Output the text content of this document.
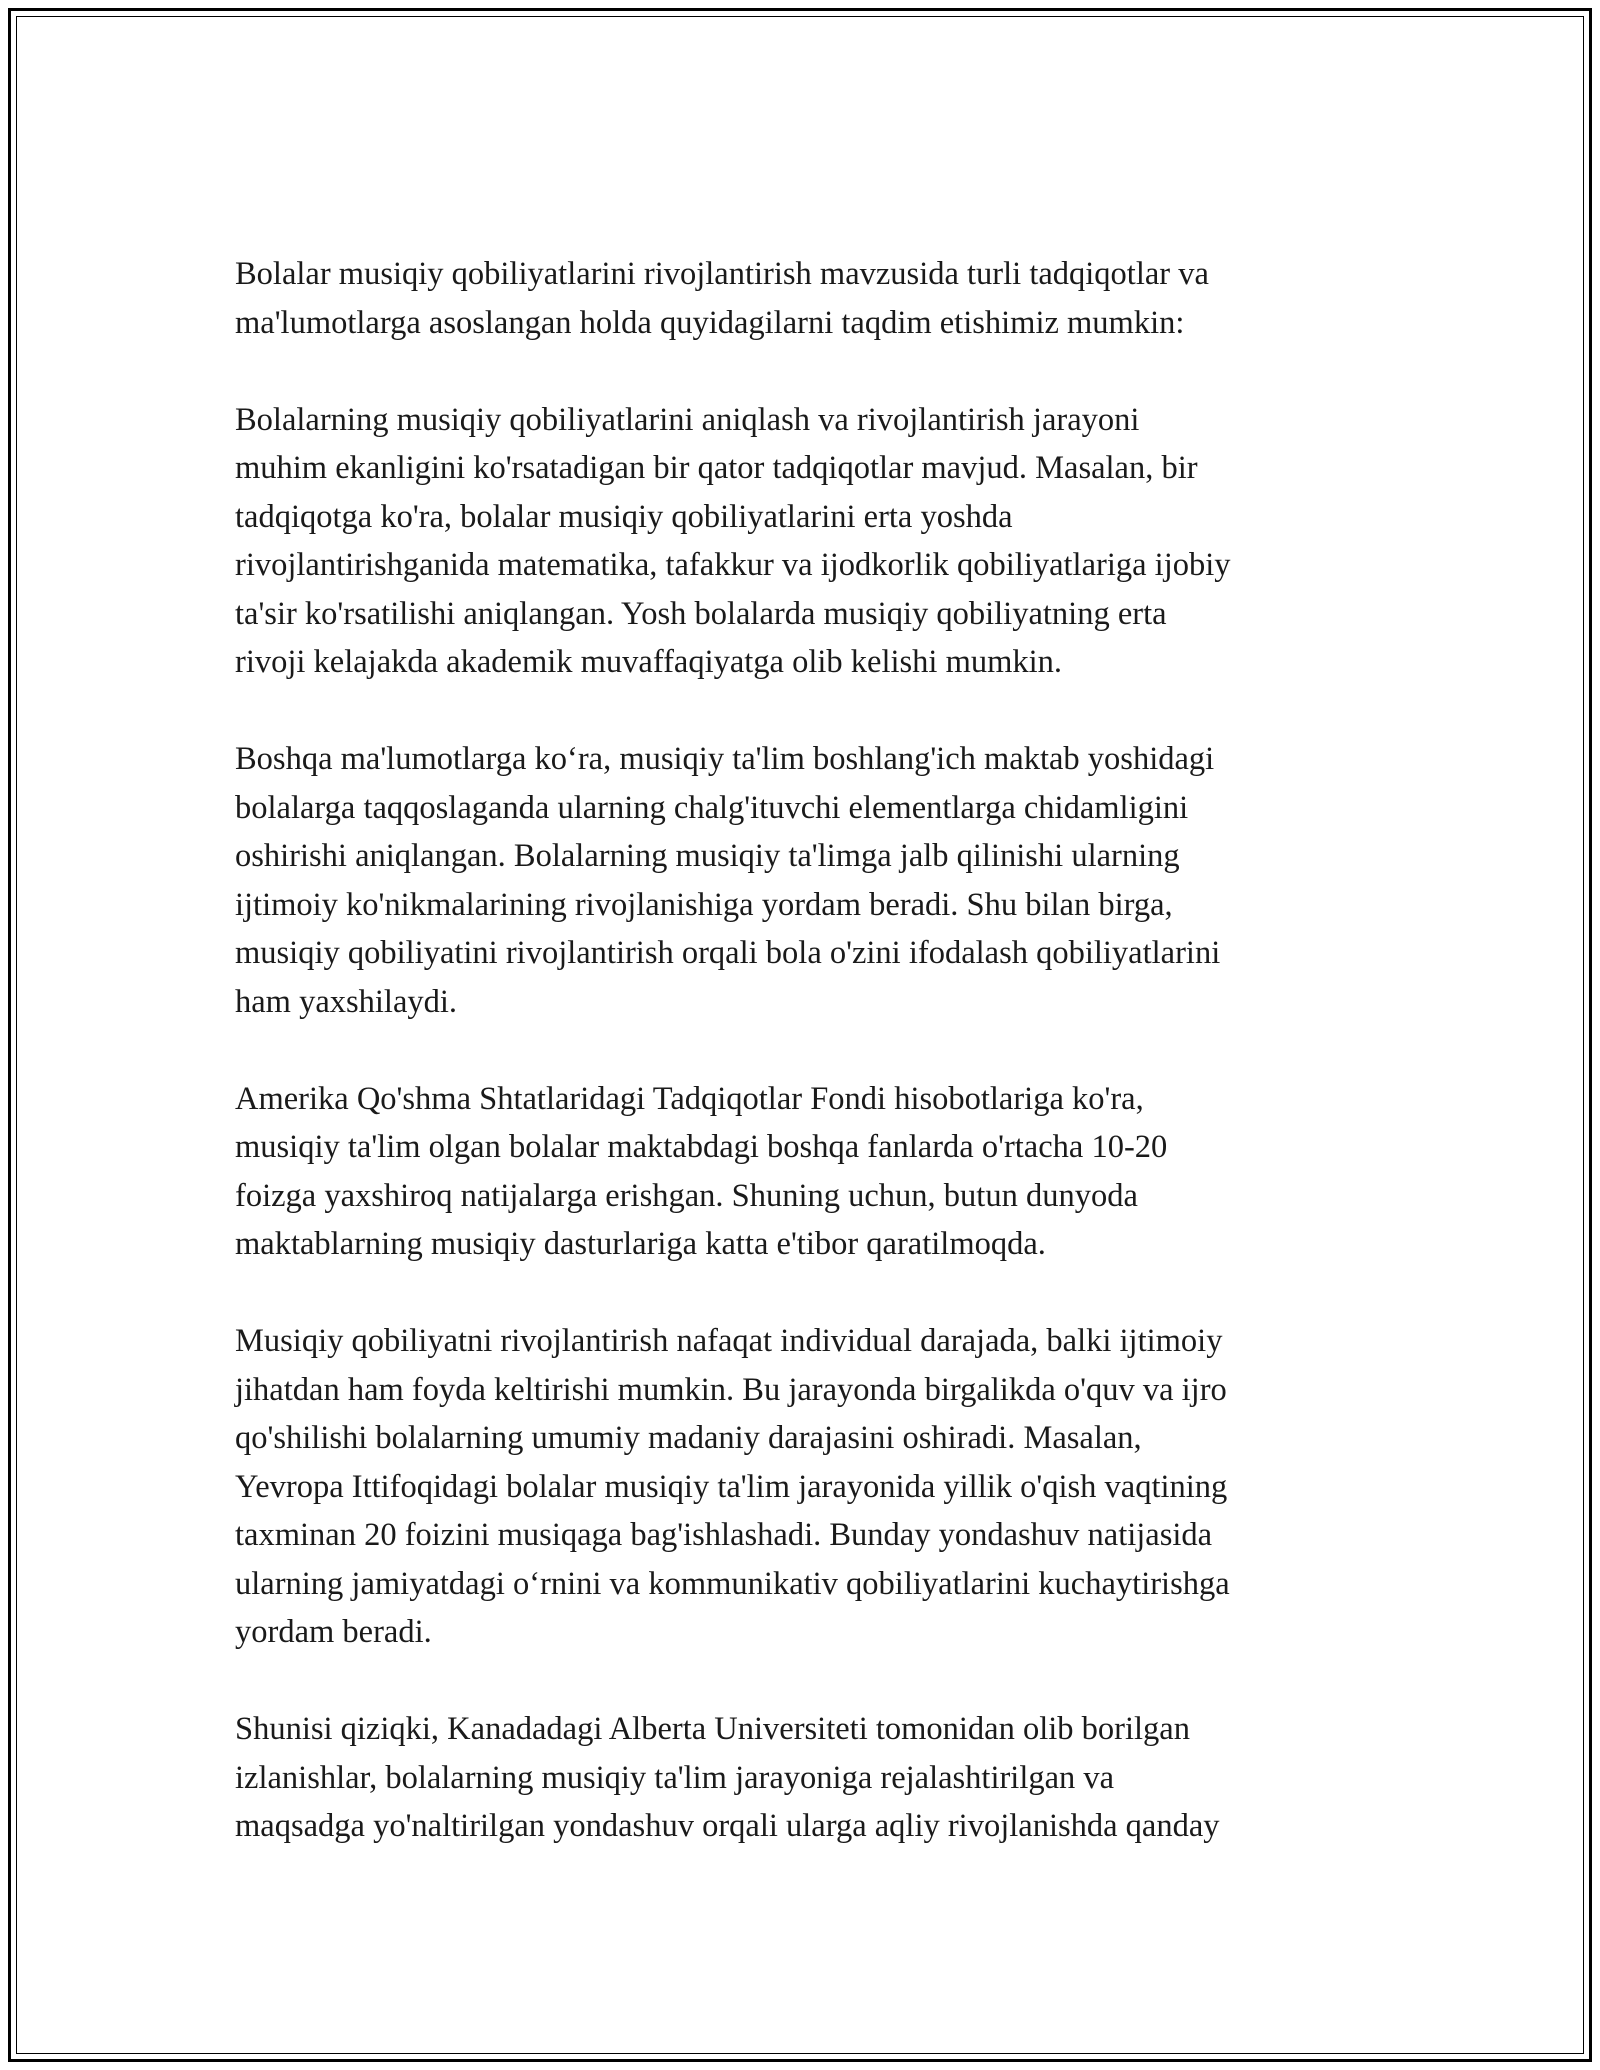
Bolalar musiqiy qobiliyatlarini rivojlantirish mavzusida turli tadqiqotlar va
ma'lumotlarga asoslangan holda quyidagilarni taqdim etishimiz mumkin:

Bolalarning musiqiy qobiliyatlarini aniqlash va rivojlantirish jarayoni
muhim ekanligini ko'rsatadigan bir qator tadqiqotlar mavjud. Masalan, bir
tadqiqotga ko'ra, bolalar musiqiy qobiliyatlarini erta yoshda
rivojlantirishganida matematika, tafakkur va ijodkorlik qobiliyatlariga ijobiy
ta'sir ko'rsatilishi aniqlangan. Yosh bolalarda musiqiy qobiliyatning erta
rivoji kelajakda akademik muvaffaqiyatga olib kelishi mumkin.

Boshqa ma'lumotlarga ko‘ra, musiqiy ta'lim boshlang'ich maktab yoshidagi
bolalarga taqqoslaganda ularning chalg'ituvchi elementlarga chidamligini
oshirishi aniqlangan. Bolalarning musiqiy ta'limga jalb qilinishi ularning
ijtimoiy ko'nikmalarining rivojlanishiga yordam beradi. Shu bilan birga,
musiqiy qobiliyatini rivojlantirish orqali bola o'zini ifodalash qobiliyatlarini
ham yaxshilaydi.

Amerika Qo'shma Shtatlaridagi Tadqiqotlar Fondi hisobotlariga ko'ra,
musiqiy ta'lim olgan bolalar maktabdagi boshqa fanlarda o'rtacha 10-20
foizga yaxshiroq natijalarga erishgan. Shuning uchun, butun dunyoda
maktablarning musiqiy dasturlariga katta e'tibor qaratilmoqda.

Musiqiy qobiliyatni rivojlantirish nafaqat individual darajada, balki ijtimoiy
jihatdan ham foyda keltirishi mumkin. Bu jarayonda birgalikda o'quv va ijro
qo'shilishi bolalarning umumiy madaniy darajasini oshiradi. Masalan,
Yevropa Ittifoqidagi bolalar musiqiy ta'lim jarayonida yillik o'qish vaqtining
taxminan 20 foizini musiqaga bag'ishlashadi. Bunday yondashuv natijasida
ularning jamiyatdagi o‘rnini va kommunikativ qobiliyatlarini kuchaytirishga
yordam beradi.

Shunisi qiziqki, Kanadadagi Alberta Universiteti tomonidan olib borilgan
izlanishlar, bolalarning musiqiy ta'lim jarayoniga rejalashtirilgan va
maqsadga yo'naltirilgan yondashuv orqali ularga aqliy rivojlanishda qanday
